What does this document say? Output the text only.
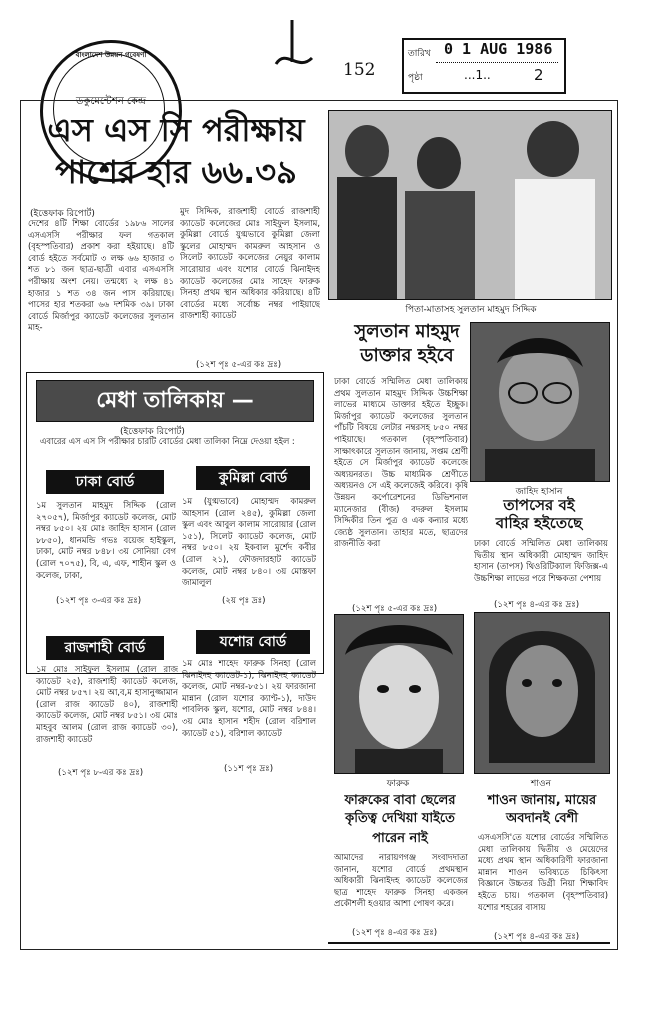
বাংলাদেশ উন্নয়ন গবেষণা
ডকুমেন্টেশন কেন্দ্র
152
তারিখ 0 1 AUG 1986
পৃষ্ঠা	...1..	2
এস এস সি পরীক্ষায়
পাশের হার ৬৬.৩৯
(ইত্তেফাক রিপোর্ট)
দেশের ৪টি শিক্ষা বোর্ডের ১৯৮৬ সালের এসএসসি পরীক্ষার ফল গতকাল (বৃহস্পতিবার) প্রকাশ করা হইয়াছে। ৪টি বোর্ড হইতে সর্বমোট ৩ লক্ষ ৬৬ হাজার ৩ শত ৮১ জন ছাত্র-ছাত্রী এবার এসএসসি পরীক্ষায় অংশ নেয়। তন্মধ্যে ২ লক্ষ ৪১ হাজার ১ শত ৩৪ জন পাস করিয়াছে। পাসের হার শতকরা ৬৬ দশমিক ৩৯। ঢাকা বোর্ডে মির্জাপুর ক্যাডেট কলেজের সুলতান মাহ-
মুদ সিদ্দিক, রাজশাহী বোর্ডে রাজশাহী ক্যাডেট কলেজের মোঃ সাইফুল ইসলাম, কুমিল্লা বোর্ডে যুগ্মভাবে কুমিল্লা জেলা স্কুলের মোহাম্মদ কামরুল আহসান ও সিলেট ক্যাডেট কলেজের নেয়ুর কালাম সারোয়ার এবং যশোর বোর্ডে ঝিনাইদহ ক্যাডেট কলেজের মোঃ সাহেদ ফারুক সিনহা প্রথম স্থান অধিকার করিয়াছে। ৪টি বোর্ডের মধ্যে সর্বোচ্চ নম্বর পাইয়াছে রাজশাহী ক্যাডেট
(১২শ পৃঃ ৫-এর কঃ দ্রঃ)
মেধা তালিকায় —
(ইত্তেফাক রিপোর্ট)
এবারের এস এস সি পরীক্ষার চারটি বোর্ডের মেধা তালিকা নিম্নে দেওয়া হইল :
ঢাকা বোর্ড
১ম সুলতান মাহমুদ সিদ্দিক (রোল ২৭০৫৭), মির্জাপুর ক্যাডেট কলেজ, মোট নম্বর ৮৫০। ২য় মোঃ জাহিদ হাসান (রোল ৮৮৫০), ধানমন্ডি গভঃ বয়েজ হাইস্কুল, ঢাকা, মোট নম্বর ৮৪৮। ৩য় সোনিয়া বেগ (রোল ৭০৭৫), বি, এ, এফ, শাহীন স্কুল ও কলেজ, ঢাকা,
(১২শ পৃঃ ৩-এর কঃ দ্রঃ)
কুমিল্লা বোর্ড
১ম (যুগ্মভাবে) মোহাম্মদ কামরুল আহসান (রোল ২৪৫), কুমিল্লা জেলা স্কুল এবং আবুল কালাম সারোয়ার (রোল ১৫১), সিলেট ক্যাডেট কলেজ, মোট নম্বর ৮৫০। ২য় ইকবাল মুর্শেদ কবীর (রোল ২১), ফৌজদারহাট ক্যাডেট কলেজ, মোট নম্বর ৮৪০। ৩য় মোস্তফা জামালুল
(২য় পৃঃ দ্রঃ)
রাজশাহী বোর্ড
১ম মোঃ সাইফুল ইসলাম (রোল রাজ ক্যাডেট ২৫), রাজশাহী ক্যাডেট কলেজ, মোট নম্বর ৮৫৭। ২য় আ,ব,ম হাসানুজ্জামান (রোল রাজ ক্যাডেট ৪০), রাজশাহী ক্যাডেট কলেজ, মোট নম্বর ৮৫১। ৩য় মোঃ মাহবুব আলম (রোল রাজ ক্যাডেট ৩০), রাজশাহী ক্যাডেট
(১২শ পৃঃ ৮-এর কঃ দ্রঃ)
যশোর বোর্ড
১ম মোঃ শাহেদ ফারুক সিনহা (রোল ঝিনাইদহ ক্যাডেট-১), ঝিনাইদহ ক্যাডেট কলেজ, মোট নম্বর-৮৫১। ২য় ফারজানা মান্নান (রোল যশোর ক্যাণ্ট-১), দাউদ পাবলিক স্কুল, যশোর, মোট নম্বর ৮৪৪। ৩য় মোঃ হাসান শহীদ (রোল বরিশাল ক্যাডেট ৫১), বরিশাল ক্যাডেট
(১১শ পৃঃ দ্রঃ)
পিতা-মাতাসহ সুলতান মাহমুদ সিদ্দিক
সুলতান মাহমুদ
ডাক্তার হইবে
ঢাকা বোর্ডে সম্মিলিত মেধা তালিকায় প্রথম সুলতান মাহমুদ সিদ্দিক উচ্চশিক্ষা লাভের মাধ্যমে ডাক্তার হইতে ইচ্ছুক। মির্জাপুর ক্যাডেট কলেজের সুলতান পাঁচটি বিষয়ে লেটার নম্বরসহ ৮৫০ নম্বর পাইয়াছে। গতকাল (বৃহস্পতিবার) সাক্ষাৎকারে সুলতান জানায়, সপ্তম শ্রেণী হইতে সে মির্জাপুর ক্যাডেট কলেজে অধ্যয়নরত। উচ্চ মাধ্যমিক শ্রেণীতে অধ্যয়নও সে এই কলেজেই করিবে। কৃষি উন্নয়ন কর্পোরেশনের ডিভিশনাল ম্যানেজার (বীজ) বদরুল ইসলাম সিদ্দিকীর তিন পুত্র ও এক কন্যার মধ্যে জ্যেষ্ঠ সুলতান। তাহার মতে, ছাত্রদের রাজনীতি করা
(১২শ পৃঃ ৫-এর কঃ দ্রঃ)
জাহিদ হাসান
তাপসের বই
বাহির হইতেছে
ঢাকা বোর্ডে সম্মিলিত মেধা তালিকায় দ্বিতীয় স্থান অধিকারী মোহাম্মদ জাহিদ হাসান (তাপস) থিওরিটিক্যাল ফিজিক্স-এ উচ্চশিক্ষা লাভের পরে শিক্ষকতা পেশায়
(১২শ পৃঃ ৪-এর কঃ দ্রঃ)
ফারুক
ফারুকের বাবা ছেলের
কৃতিত্ব দেখিয়া যাইতে
পারেন নাই
আমাদের নারায়ণগঞ্জ সংবাদদাতা জানান, যশোর বোর্ডে প্রথমস্থান অধিকারী ঝিনাইদহ ক্যাডেট কলেজের ছাত্র শাহেদ ফারুক সিনহা একজন প্রকৌশলী হওয়ার আশা পোষণ করে।
(১২শ পৃঃ ৪-এর কঃ দ্রঃ)
শাওন
শাওন জানায়, মায়ের
অবদানই বেশী
এসএসসি'তে যশোর বোর্ডের সম্মিলিত মেধা তালিকায় দ্বিতীয় ও মেয়েদের মধ্যে প্রথম স্থান অধিকারিণী ফারজানা মান্নান শাওন ভবিষ্যতে চিকিৎসা বিজ্ঞানে উচ্চতর ডিগ্রী নিয়া শিক্ষাবিদ হইতে চায়। গতকাল (বৃহস্পতিবার) যশোর শহরের বাসায়
(১২শ পৃঃ ৪-এর কঃ দ্রঃ)
